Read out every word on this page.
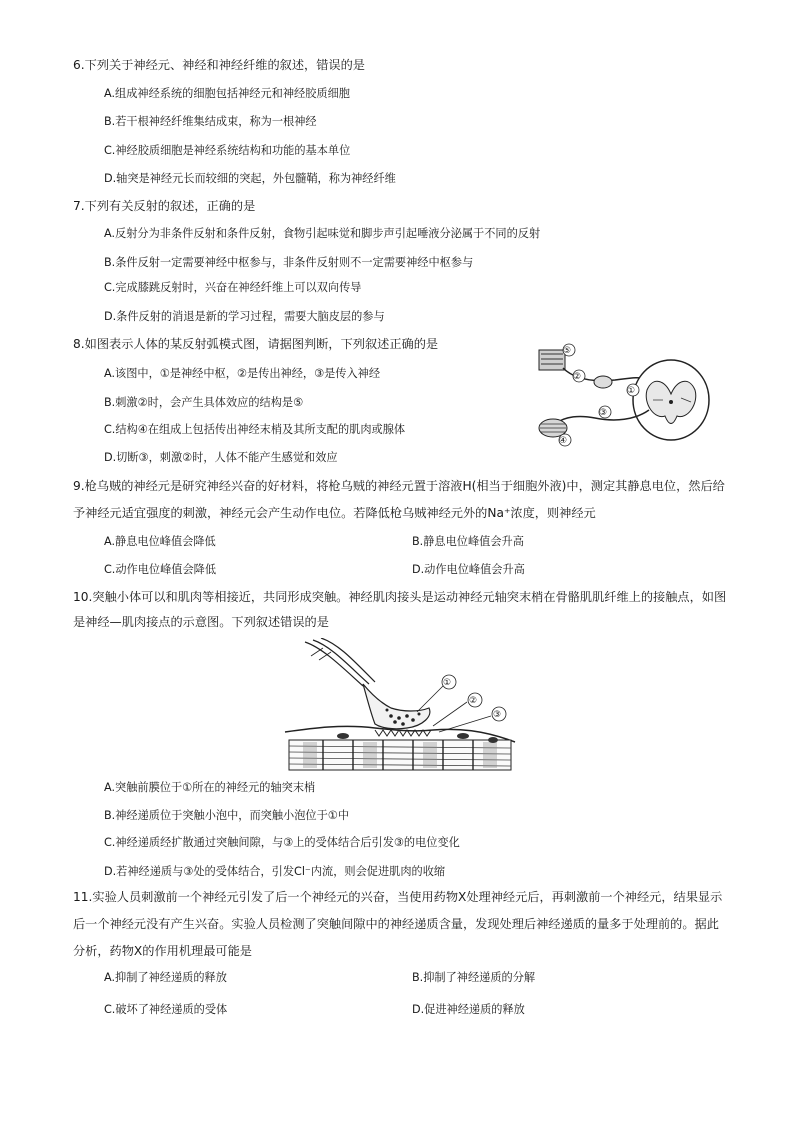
6.下列关于神经元、神经和神经纤维的叙述，错误的是
A.组成神经系统的细胞包括神经元和神经胶质细胞
B.若干根神经纤维集结成束，称为一根神经
C.神经胶质细胞是神经系统结构和功能的基本单位
D.轴突是神经元长而较细的突起，外包髓鞘，称为神经纤维
7.下列有关反射的叙述，正确的是
A.反射分为非条件反射和条件反射，食物引起味觉和脚步声引起唾液分泌属于不同的反射
B.条件反射一定需要神经中枢参与，非条件反射则不一定需要神经中枢参与
C.完成膝跳反射时，兴奋在神经纤维上可以双向传导
D.条件反射的消退是新的学习过程，需要大脑皮层的参与
8.如图表示人体的某反射弧模式图，请据图判断，下列叙述正确的是
A.该图中，①是神经中枢，②是传出神经，③是传入神经
B.刺激②时，会产生具体效应的结构是⑤
C.结构④在组成上包括传出神经末梢及其所支配的肌肉或腺体
D.切断③，刺激②时，人体不能产生感觉和效应
⑤
②
①
③
④
9.枪乌贼的神经元是研究神经兴奋的好材料，将枪乌贼的神经元置于溶液H(相当于细胞外液)中，测定其静息电位，然后给
予神经元适宜强度的刺激，神经元会产生动作电位。若降低枪乌贼神经元外的Na⁺浓度，则神经元
A.静息电位峰值会降低	B.静息电位峰值会升高
C.动作电位峰值会降低	D.动作电位峰值会升高
10.突触小体可以和肌肉等相接近，共同形成突触。神经肌肉接头是运动神经元轴突末梢在骨骼肌肌纤维上的接触点，如图
是神经—肌肉接点的示意图。下列叙述错误的是
①
②
③
A.突触前膜位于①所在的神经元的轴突末梢
B.神经递质位于突触小泡中，而突触小泡位于①中
C.神经递质经扩散通过突触间隙，与③上的受体结合后引发③的电位变化
D.若神经递质与③处的受体结合，引发Cl⁻内流，则会促进肌肉的收缩
11.实验人员刺激前一个神经元引发了后一个神经元的兴奋，当使用药物X处理神经元后，再刺激前一个神经元，结果显示
后一个神经元没有产生兴奋。实验人员检测了突触间隙中的神经递质含量，发现处理后神经递质的量多于处理前的。据此
分析，药物X的作用机理最可能是
A.抑制了神经递质的释放	B.抑制了神经递质的分解
C.破坏了神经递质的受体	D.促进神经递质的释放
